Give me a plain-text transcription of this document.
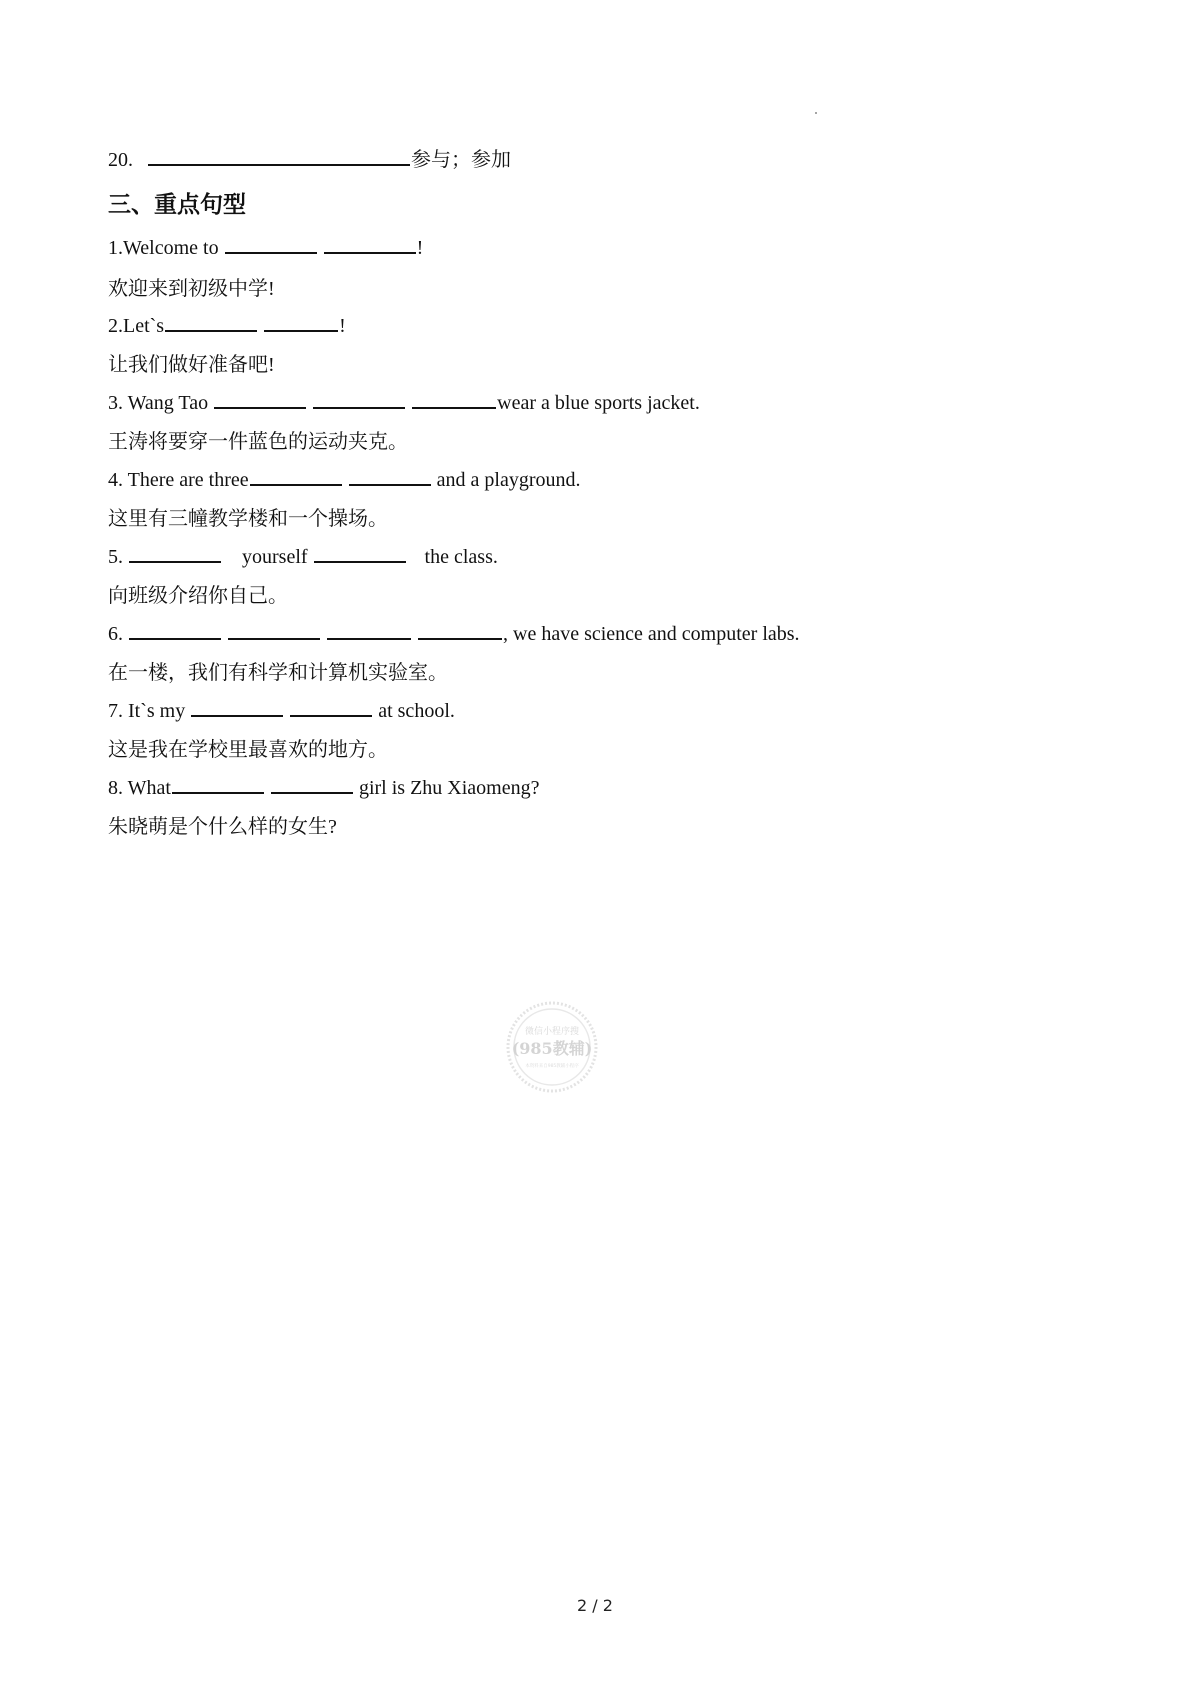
20.	参与；参加
三、重点句型
1.Welcome to	!
欢迎来到初级中学!
2.Let`s	!
让我们做好准备吧!
3. Wang Tao	wear a blue sports jacket.
王涛将要穿一件蓝色的运动夹克。
4. There are three	and a playground.
这里有三幢教学楼和一个操场。
5.	yourself	the class.
向班级介绍你自己。
6.	, we have science and computer labs.
在一楼，我们有科学和计算机实验室。
7. It`s my	at school.
这是我在学校里最喜欢的地方。
8. What	girl is Zhu Xiaomeng?
朱晓萌是个什么样的女生?
微信小程序搜
(985教辅)
本资料来自985教辅小程序
2 / 2
